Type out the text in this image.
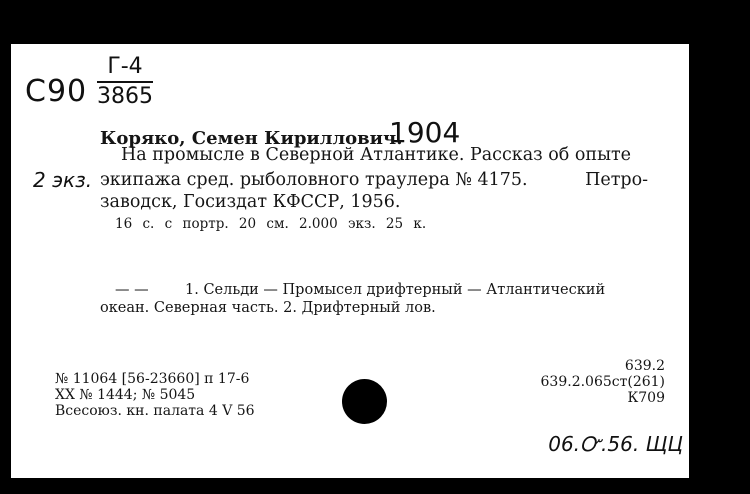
С90
Г-4
3865
1904
2 экз.
Коряко, Семен Кириллович.
На промысле в Северной Атлантике. Рассказ об опыте
экипажа сред. рыболовного траулера № 4175.	Петро-
заводск, Госиздат КФССР, 1956.
16 с. с портр. 20 см. 2.000 экз. 25 к.
— —	1. Сельди — Промысел дрифтерный — Атлантический
океан. Северная часть. 2. Дрифтерный лов.
№ 11064 [56-23660] п 17-6
XX № 1444; № 5045
Всесоюз. кн. палата 4 V 56
639.2
639.2.065ст(261)
К709
06.Ꮕ.56. ЩЦ
